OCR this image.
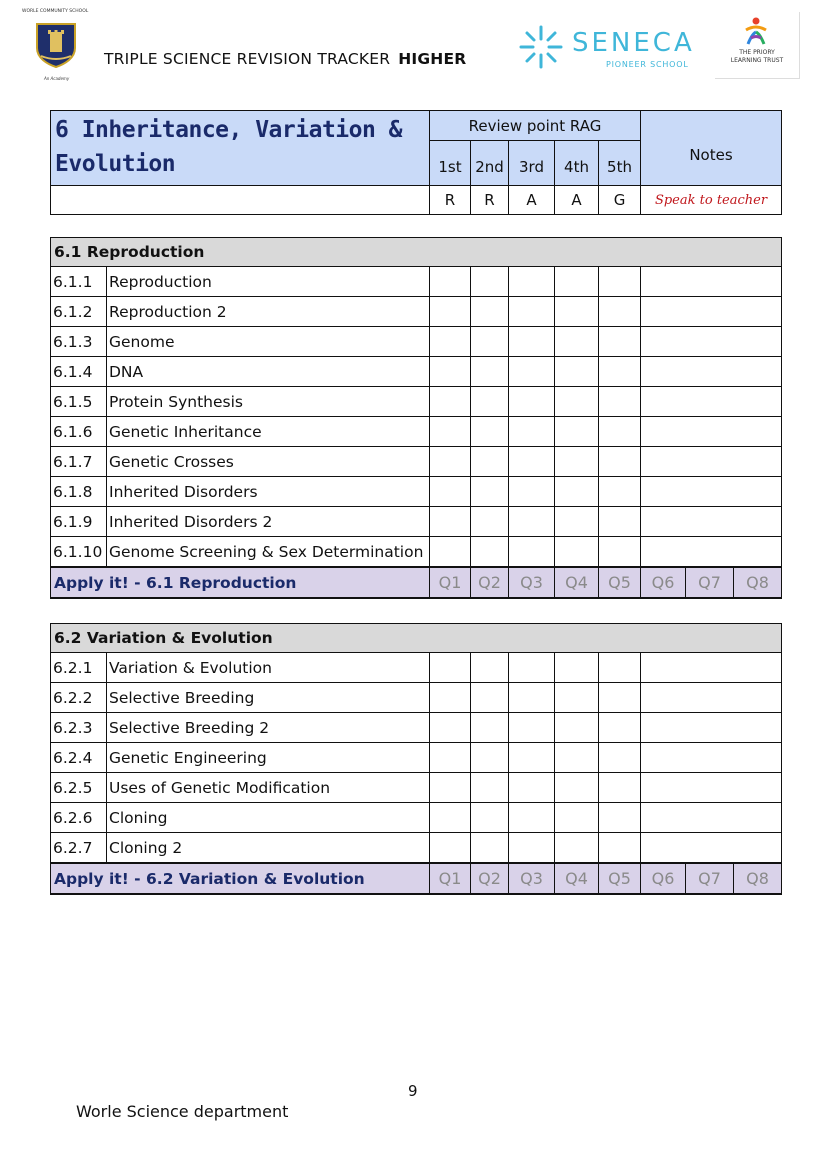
WORLE COMMUNITY SCHOOL
An Academy
TRIPLE SCIENCE REVISION TRACKER HIGHER
SENECA
PIONEER SCHOOL
THE PRIORY
LEARNING TRUST
6 Inheritance, Variation &
Evolution	Review point RAG					Notes
	1st	2nd	3rd	4th	5th	
	R	R	A	A	G	Speak to teacher
6.1 Reproduction									
6.1.1	Reproduction								
6.1.2	Reproduction 2								
6.1.3	Genome								
6.1.4	DNA								
6.1.5	Protein Synthesis								
6.1.6	Genetic Inheritance								
6.1.7	Genetic Crosses								
6.1.8	Inherited Disorders								
6.1.9	Inherited Disorders 2								
6.1.10	Genome Screening & Sex Determination								
Apply it! - 6.1 Reproduction		Q1	Q2	Q3	Q4	Q5	Q6	Q7	Q8
6.2 Variation & Evolution									
6.2.1	Variation & Evolution								
6.2.2	Selective Breeding								
6.2.3	Selective Breeding 2								
6.2.4	Genetic Engineering								
6.2.5	Uses of Genetic Modification								
6.2.6	Cloning								
6.2.7	Cloning 2								
Apply it! - 6.2 Variation & Evolution		Q1	Q2	Q3	Q4	Q5	Q6	Q7	Q8
9
Worle Science department
